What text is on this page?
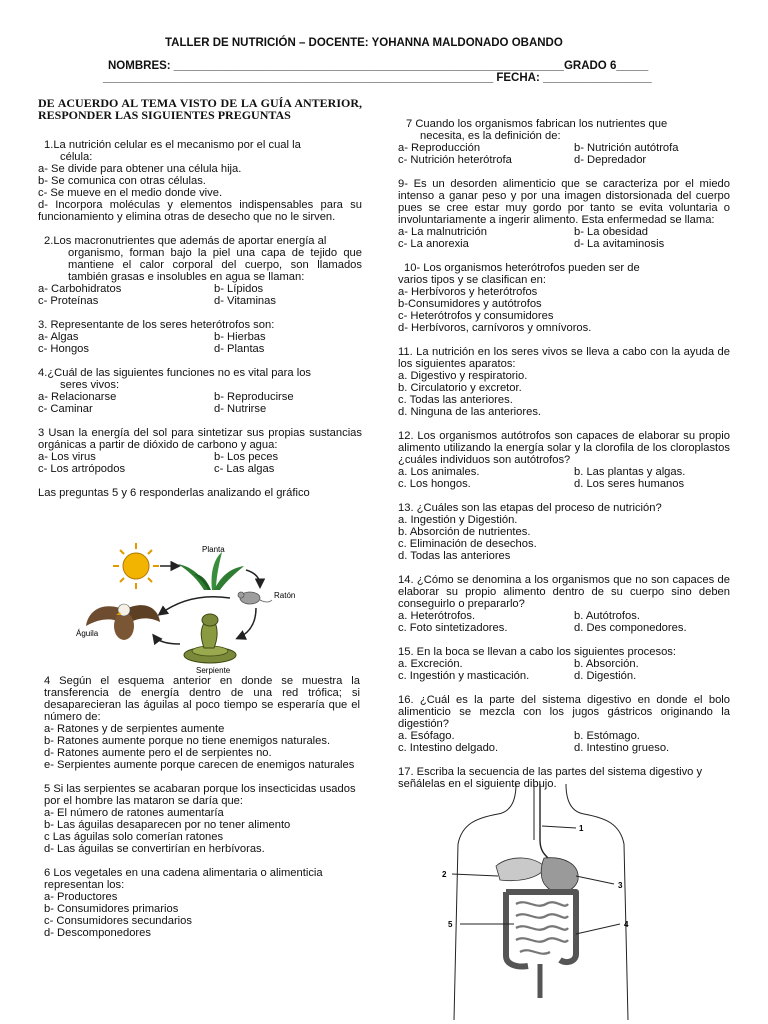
TALLER DE NUTRICIÓN – DOCENTE: YOHANNA MALDONADO OBANDO
NOMBRES: _____________________________________________________________GRADO 6_____
_____________________________________________________________ FECHA: _________________

DE ACUERDO AL TEMA VISTO DE LA GUÍA ANTERIOR, RESPONDER LAS SIGUIENTES PREGUNTAS

1.La nutrición celular es el mecanismo por el cual la

célula:

a- Se divide para obtener una célula hija.

b- Se comunica con otras células.

c- Se mueve en el medio donde vive.

d- Incorpora moléculas y elementos indispensables para su funcionamiento y elimina otras de desecho que no le sirven.

2.Los macronutrientes que además de aportar energía al

organismo, forman bajo la piel una capa de tejido que mantiene el calor corporal del cuerpo, son llamados también grasas e insolubles en agua se llaman:

a- Carbohidratos	b- Lípidos
c- Proteínas	d- Vitaminas

3. Representante de los seres heterótrofos son:

a- Algas	b- Hierbas
c- Hongos	d- Plantas

4.¿Cuál de las siguientes funciones no es vital para los

seres vivos:

a- Relacionarse	b- Reproducirse
c- Caminar	d- Nutrirse

3 Usan la energía del sol para sintetizar sus propias sustancias orgánicas a partir de dióxido de carbono y agua:

a- Los virus	b- Los peces
c- Los artrópodos	c- Las algas

Las preguntas 5 y 6 responderlas analizando el gráfico

Planta
Ratón
Serpiente
Águila

4 Según el esquema anterior en donde se muestra la transferencia de energía dentro de una red trófica; si desaparecieran las águilas al poco tiempo se esperaría que el número de:

a- Ratones y de serpientes aumente

b- Ratones aumente porque no tiene enemigos naturales.

d- Ratones aumente pero el de serpientes no.

e- Serpientes aumente porque carecen de enemigos naturales

5 Si las serpientes se acabaran porque los insecticidas usados por el hombre las mataron se daría que:

a- El número de ratones aumentaría

b- Las águilas desaparecen por no tener alimento

c Las águilas solo comerían ratones

d- Las águilas se convertirían en herbívoras.

6 Los vegetales en una cadena alimentaria o alimenticia representan los:

a- Productores

b- Consumidores primarios

c- Consumidores secundarios

d- Descomponedores

7 Cuando los organismos fabrican los nutrientes que

necesita, es la definición de:

a- Reproducción	b- Nutrición autótrofa
c- Nutrición heterótrofa	d- Depredador

9- Es un desorden alimenticio que se caracteriza por el miedo intenso a ganar peso y por una imagen distorsionada del cuerpo pues se cree estar muy gordo por tanto se evita voluntaria o involuntariamente a ingerir alimento. Esta enfermedad se llama:

a- La malnutrición	b- La obesidad
c- La anorexia	d- La avitaminosis

10- Los organismos heterótrofos pueden ser de

varios tipos y se clasifican en:

a- Herbívoros y heterótrofos

b-Consumidores y autótrofos

c- Heterótrofos y consumidores

d- Herbívoros, carnívoros y omnívoros.

11. La nutrición en los seres vivos se lleva a cabo con la ayuda de los siguientes aparatos:

a. Digestivo y respiratorio.

b. Circulatorio y excretor.

c. Todas las anteriores.

d. Ninguna de las anteriores.

12. Los organismos autótrofos son capaces de elaborar su propio alimento utilizando la energía solar y la clorofila de los cloroplastos ¿cuáles individuos son autótrofos?

a. Los animales.	b. Las plantas y algas.
c. Los hongos.	d. Los seres humanos

13. ¿Cuáles son las etapas del proceso de nutrición?

a. Ingestión y Digestión.

b. Absorción de nutrientes.

c. Eliminación de desechos.

d. Todas las anteriores

14. ¿Cómo se denomina a los organismos que no son capaces de elaborar su propio alimento dentro de su cuerpo sino deben conseguirlo o prepararlo?

a. Heterótrofos.	b. Autótrofos.
c. Foto sintetizadores.	d. Des componedores.

15. En la boca se llevan a cabo los siguientes procesos:

a. Excreción.	b. Absorción.
c. Ingestión y masticación.	d. Digestión.

16. ¿Cuál es la parte del sistema digestivo en donde el bolo alimenticio se mezcla con los jugos gástricos originando la digestión?

a. Esófago.	b. Estómago.
c. Intestino delgado.	d. Intestino grueso.

17. Escriba la secuencia de las partes del sistema digestivo y señálelas en el siguiente dibujo.

1
2
3
4
5
